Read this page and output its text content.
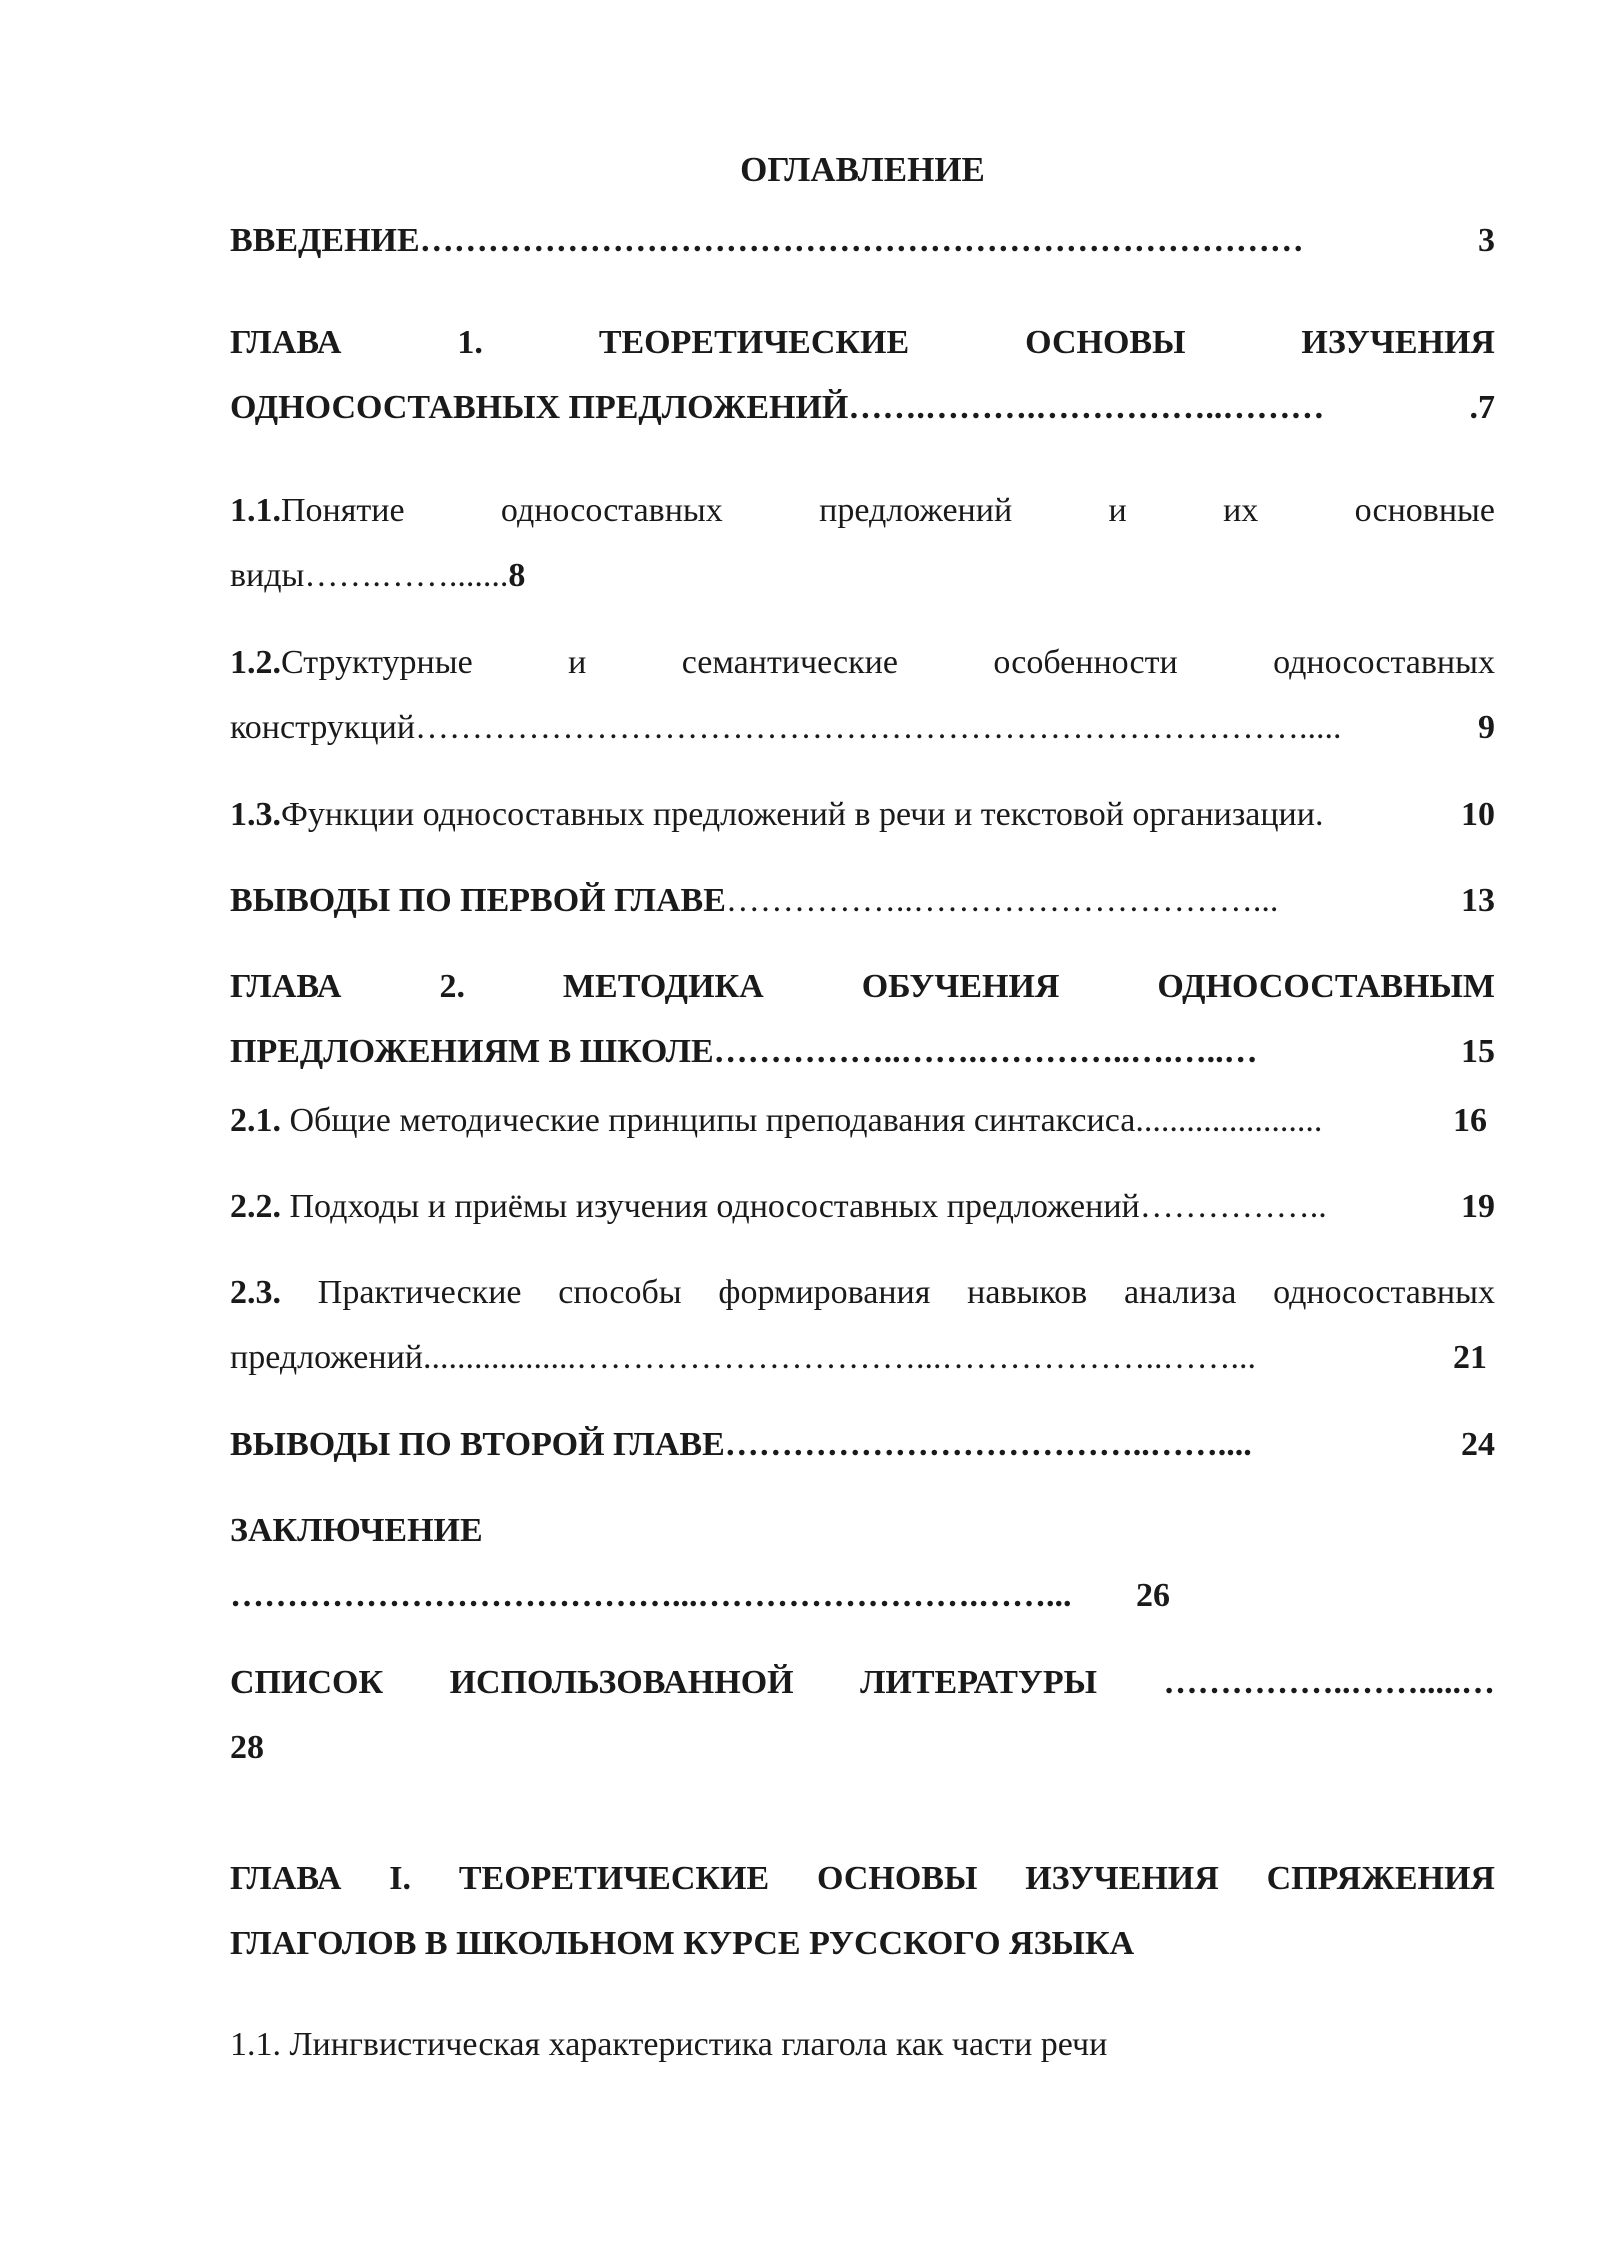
ОГЛАВЛЕНИЕ
ВВЕДЕНИЕ ……………………………………………………………………	3
ГЛАВА	1.	ТЕОРЕТИЧЕСКИЕ	ОСНОВЫ	ИЗУЧЕНИЯ
ОДНОСОСТАВНЫХ ПРЕДЛОЖЕНИЙ …….……….……………..………	.7
1.1.Понятие	односоставных	предложений	и	их	основные
виды…….…….......8
1.2.Структурные	и	семантические	особенности	односоставных
конструкций …………………………………………………………………….....	9
1.3. Функции односоставных предложений в речи и текстовой организации.	10
ВЫВОДЫ ПО ПЕРВОЙ ГЛАВЕ ……………..…………………………...	13
ГЛАВА	2.	МЕТОДИКА	ОБУЧЕНИЯ	ОДНОСОСТАВНЫМ
ПРЕДЛОЖЕНИЯМ В ШКОЛЕ ……………..…….…………..….…..…	15
2.1. Общие методические принципы преподавания синтаксиса ......................	16
2.2. Подходы и приёмы изучения односоставных предложений ……………..	19
2.3. Практические способы формирования навыков анализа односоставных
предложений ..................…………………………...………………..……...	21
ВЫВОДЫ ПО ВТОРОЙ ГЛАВЕ ………………………………..……....	24
ЗАКЛЮЧЕНИЕ
…………………………………...…………………….……...	26
СПИСОК ИСПОЛЬЗОВАННОЙ ЛИТЕРАТУРЫ ……………..…….....…
28
ГЛАВА I. ТЕОРЕТИЧЕСКИЕ ОСНОВЫ ИЗУЧЕНИЯ СПРЯЖЕНИЯ
ГЛАГОЛОВ В ШКОЛЬНОМ КУРСЕ РУССКОГО ЯЗЫКА
1.1. Лингвистическая характеристика глагола как части речи
